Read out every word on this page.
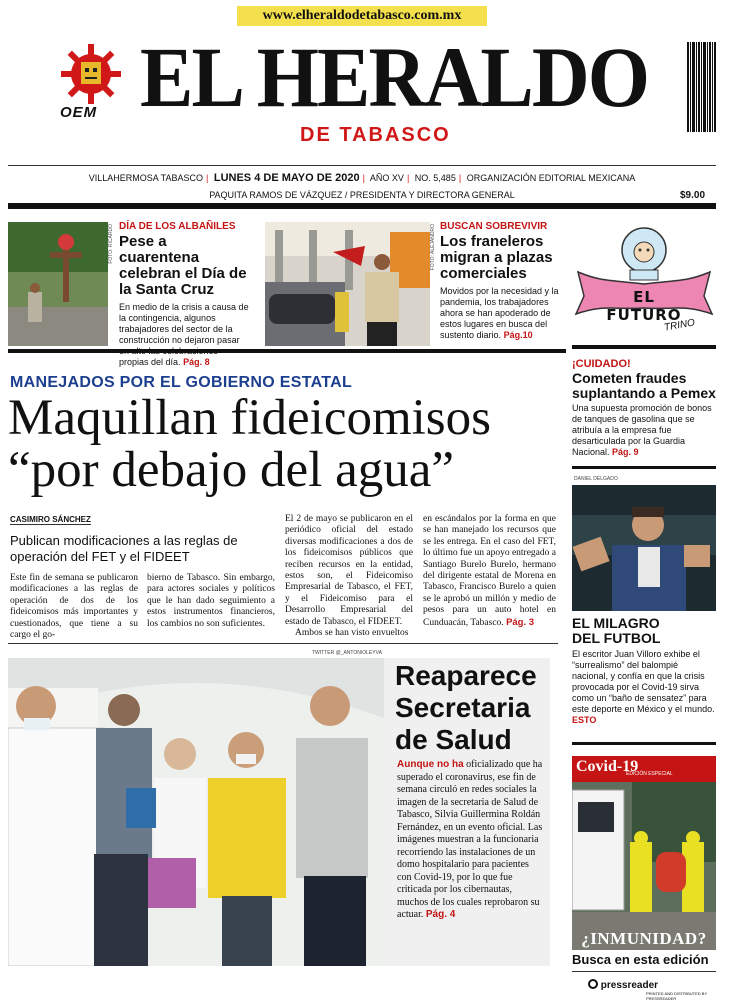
www.elheraldodetabasco.com.mx
OEM EL HERALDO
DE TABASCO
VILLAHERMOSA TABASCO | LUNES 4 DE MAYO DE 2020 | AÑO XV | NO. 5,485 | ORGANIZACIÓN EDITORIAL MEXICANA
PAQUITA RAMOS DE VÁZQUEZ / PRESIDENTA Y DIRECTORA GENERAL	$9.00
FOTO: RICARDO DÍA DE LOS ALBAÑILES
Pese a cuarentena celebran el Día de la Santa Cruz
En medio de la crisis a causa de la contingencia, algunos trabajadores del sector de la construcción no dejaron pasar propias del día. Pág. 8
FOTO: ALEJANDRO BUSCAN SOBREVIVIR
Los franeleros migran a plazas comerciales
Movidos por la necesidad y la pandemia, los trabajadores ahora se han apoderado de estos lugares en busca del sustento diario. Pág.10
EL FUTURO
TRINO
MANEJADOS POR EL GOBIERNO ESTATAL
Maquillan fideicomisos
“por debajo del agua”
CASIMIRO SÁNCHEZ
Publican modificaciones a las reglas de operación del FET y el FIDEET
Este fin de semana se publicaron modificaciones a las reglas de operación de dos de los fideicomisos más importantes y cuestionados, que tiene a su cargo el go-
bierno de Tabasco. Sin embargo, para actores sociales y políticos que le han dado seguimiento a estos instrumentos financieros, los cambios no son suficientes.
El 2 de mayo se publicaron en el periódico oficial del estado diversas modificaciones a dos de los fideicomisos públicos que reciben recursos en la entidad, estos son, el Fideicomiso Empresarial de Tabasco, el FET, y el Fideicomiso para el Desarrollo Empresarial del estado de Tabasco, el FIDEET.
Ambos se han visto envueltos
en escándalos por la forma en que se han manejado los recursos que se les entrega. En el caso del FET, lo último fue un apoyo entregado a Santiago Burelo Burelo, hermano del dirigente estatal de Morena en Tabasco, Francisco Burelo a quien se le aprobó un millón y medio de pesos para un auto hotel en Cunduacán, Tabasco. Pág. 3
TWITTER @_ANTONIOLEYVA
Reaparece
Secretaria
de Salud
Aunque no ha oficializado que ha superado el coronavirus, ese fin de semana circuló en redes sociales la imagen de la secretaria de Salud de Tabasco, Silvia Guillermina Roldán Fernández, en un evento oficial. Las imágenes muestran a la funcionaria recorriendo las instalaciones de un domo hospitalario para pacientes con Covid-19, por lo que fue criticada por los cibernautas, muchos de los cuales reprobaron su actuar. Pág. 4
¡CUIDADO!
Cometen fraudes suplantando a Pemex
Una supuesta promoción de bonos de tanques de gasolina que se atribuía a la empresa fue desarticulada por la Guardia Nacional. Pág. 9
DANIEL DELGADO
EL MILAGRO
DEL FUTBOL
El escritor Juan Villoro exhibe el “surrealismo” del balompié nacional, y confía en que la crisis provocada por el Covid-19 sirva como un “baño de sensatez” para este deporte en México y el mundo. ESTO
Covid-19
EDICIÓN ESPECIAL
¿INMUNIDAD?
Busca en esta edición
pressreader
PRINTED AND DISTRIBUTED BY PRESSREADER
